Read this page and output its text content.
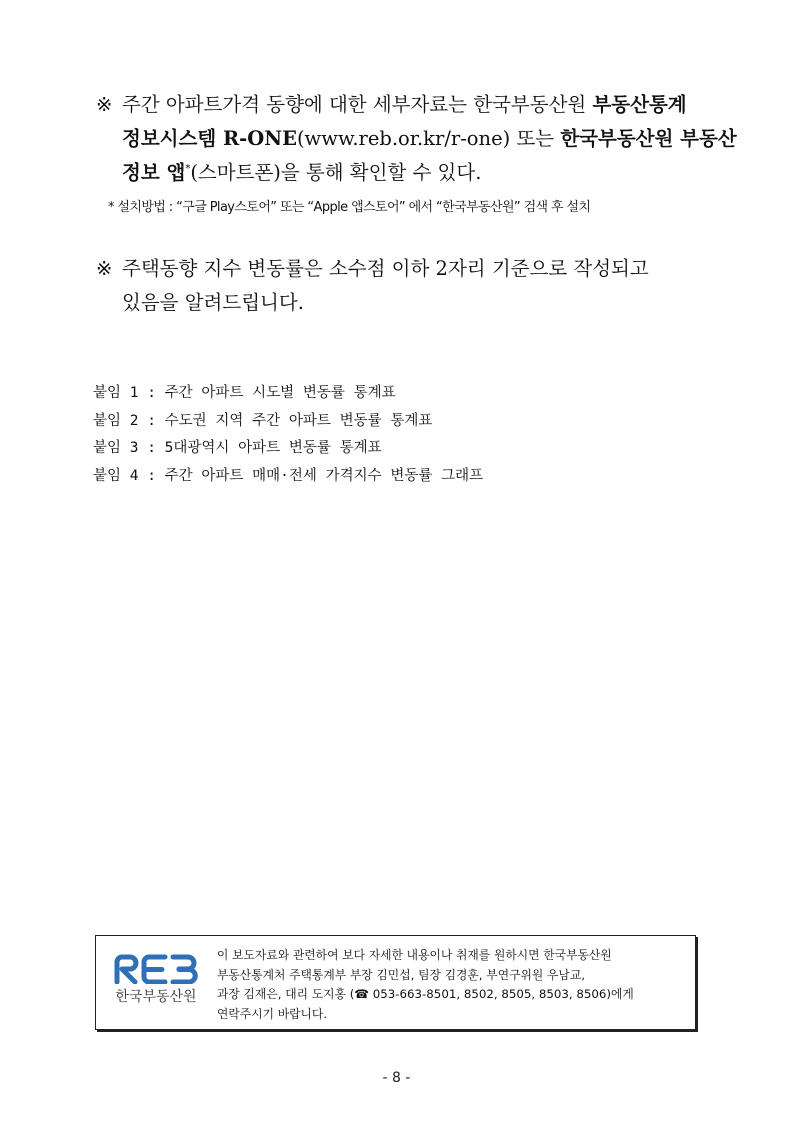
※ 주간 아파트가격 동향에 대한 세부자료는 한국부동산원 부동산통계
정보시스템 R-ONE(www.reb.or.kr/r-one) 또는 한국부동산원 부동산
정보 앱*(스마트폰)을 통해 확인할 수 있다.
* 설치방법 : “구글 Play스토어” 또는 “Apple 앱스토어” 에서 “한국부동산원” 검색 후 설치
※ 주택동향 지수 변동률은 소수점 이하 2자리 기준으로 작성되고
있음을 알려드립니다.
붙임 1 : 주간 아파트 시도별 변동률 통계표
붙임 2 : 수도권 지역 주간 아파트 변동률 통계표
붙임 3 : 5대광역시 아파트 변동률 통계표
붙임 4 : 주간 아파트 매매·전세 가격지수 변동률 그래프
한국부동산원
이 보도자료와 관련하여 보다 자세한 내용이나 취재를 원하시면 한국부동산원
부동산통계처 주택통계부 부장 김민섭, 팀장 김경훈, 부연구위원 우남교,
과장 김재은, 대리 도지홍 (☎ 053-663-8501, 8502, 8505, 8503, 8506)에게
연락주시기 바랍니다.
- 8 -
